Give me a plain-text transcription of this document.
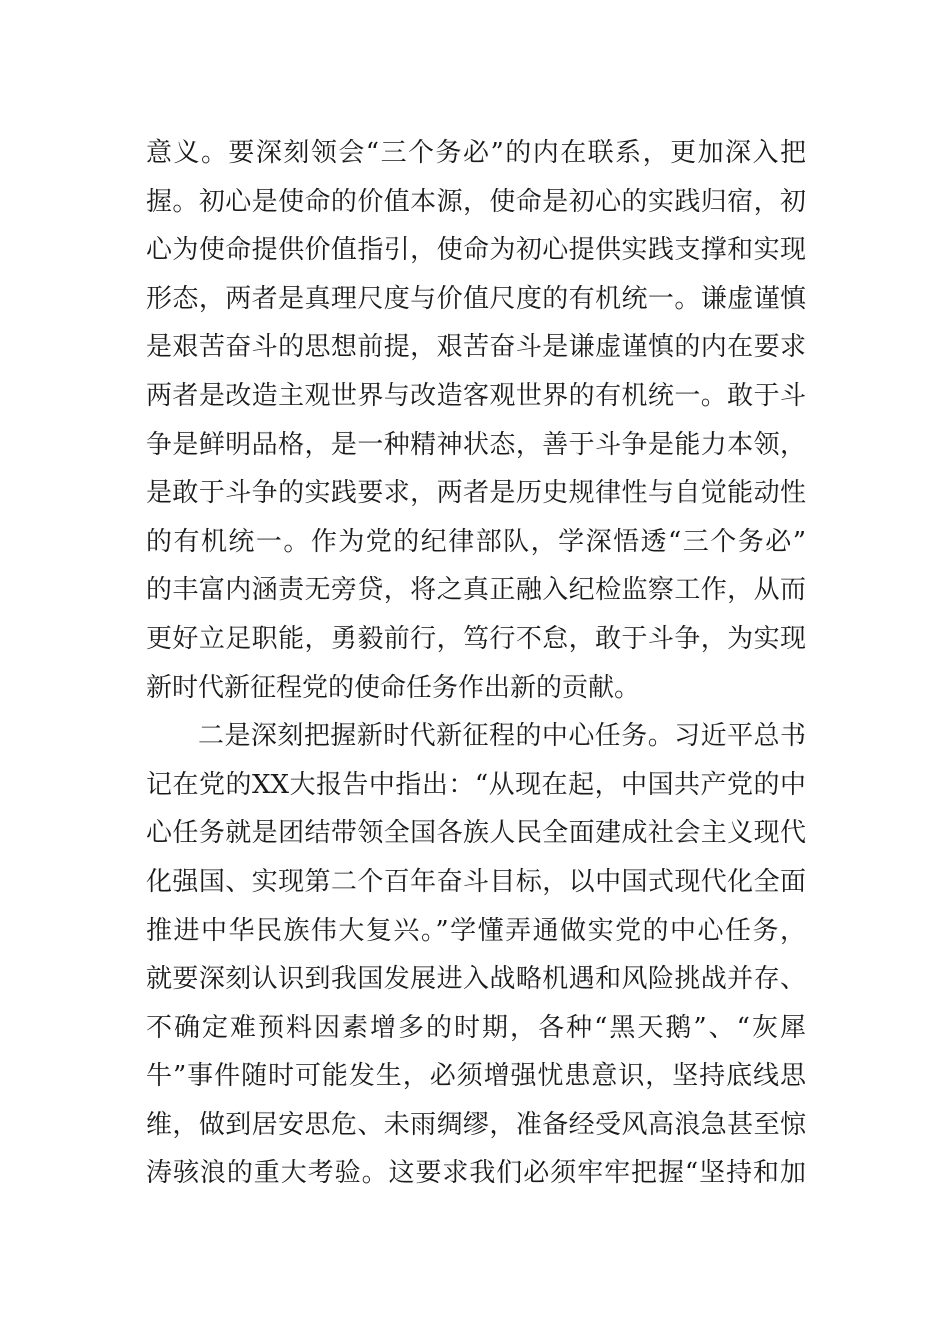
意义。要深刻领会“三个务必”的内在联系，更加深入把
握。初心是使命的价值本源，使命是初心的实践归宿，初
心为使命提供价值指引，使命为初心提供实践支撑和实现
形态，两者是真理尺度与价值尺度的有机统一。谦虚谨慎
是艰苦奋斗的思想前提，艰苦奋斗是谦虚谨慎的内在要求
两者是改造主观世界与改造客观世界的有机统一。敢于斗
争是鲜明品格，是一种精神状态，善于斗争是能力本领，
是敢于斗争的实践要求，两者是历史规律性与自觉能动性
的有机统一。作为党的纪律部队，学深悟透“三个务必”
的丰富内涵责无旁贷，将之真正融入纪检监察工作，从而
更好立足职能，勇毅前行，笃行不怠，敢于斗争，为实现
新时代新征程党的使命任务作出新的贡献。
二是深刻把握新时代新征程的中心任务。习近平总书
记在党的XX大报告中指出：“从现在起，中国共产党的中
心任务就是团结带领全国各族人民全面建成社会主义现代
化强国、实现第二个百年奋斗目标，以中国式现代化全面
推进中华民族伟大复兴。”学懂弄通做实党的中心任务，
就要深刻认识到我国发展进入战略机遇和风险挑战并存、
不确定难预料因素增多的时期，各种“黑天鹅”、“灰犀
牛”事件随时可能发生，必须增强忧患意识，坚持底线思
维，做到居安思危、未雨绸缪，准备经受风高浪急甚至惊
涛骇浪的重大考验。这要求我们必须牢牢把握“坚持和加
